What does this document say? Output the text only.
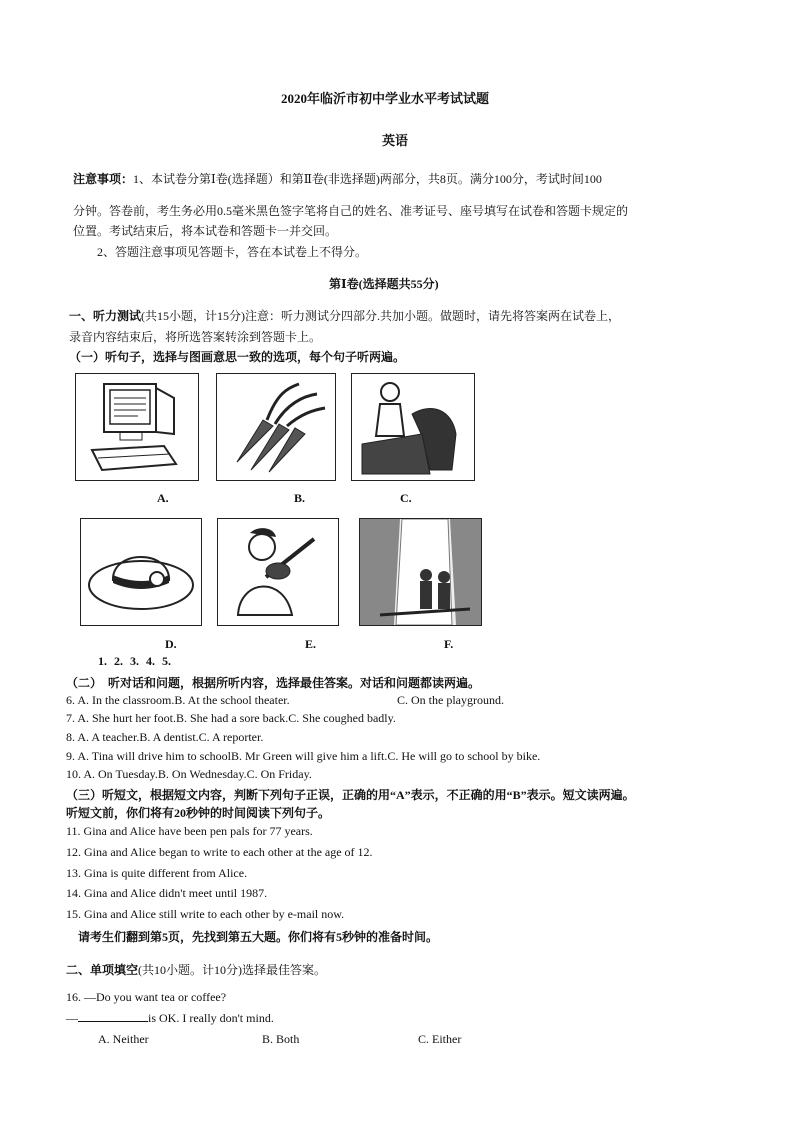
2020年临沂市初中学业水平考试试题
英语
注意事项：1、本试卷分第Ⅰ卷(选择题）和第Ⅱ卷(非选择题)两部分，共8页。满分100分，考试时间100
分钟。答卷前，考生务必用0.5毫米黑色签字笔将自己的姓名、准考证号、座号填写在试卷和答题卡规定的
位置。考试结束后，将本试卷和答题卡一并交回。
2、答题注意事项见答题卡，答在本试卷上不得分。
第Ⅰ卷(选择题共55分)
一、听力测试(共15小题，计15分)注意：听力测试分四部分.共加小题。做题时，请先将答案两在试卷上，
录音内容结束后，将所选答案转涂到答题卡上。
（一）听句子，选择与图画意思一致的选项，每个句子听两遍。
A.	B.	C.
D.	E.	F.
1. 2. 3. 4. 5.
（二） 听对话和问题，根据所听内容，选择最佳答案。对话和问题都读两遍。
6. A. In the classroom.B. At the school theater.	C. On the playground.
7. A. She hurt her foot.B. She had a sore back.C. She coughed badly.
8. A. A teacher.B. A dentist.C. A reporter.
9. A. Tina will drive him to schoolB. Mr Green will give him a lift.C. He will go to school by bike.
10. A. On Tuesday.B. On Wednesday.C. On Friday.
（三）听短文，根据短文内容，判断下列句子正误，正确的用“A”表示，不正确的用“B”表示。短文读两遍。
听短文前，你们将有20秒钟的时间阅读下列句子。
11. Gina and Alice have been pen pals for 77 years.
12. Gina and Alice began to write to each other at the age of 12.
13. Gina is quite different from Alice.
14. Gina and Alice didn't meet until 1987.
15. Gina and Alice still write to each other by e-mail now.
请考生们翻到第5页，先找到第五大题。你们将有5秒钟的准备时间。
二、单项填空(共10小题。计10分)选择最佳答案。
16. —Do you want tea or coffee?
—	is OK. I really don't mind.
A. Neither	B. Both	C. Either
